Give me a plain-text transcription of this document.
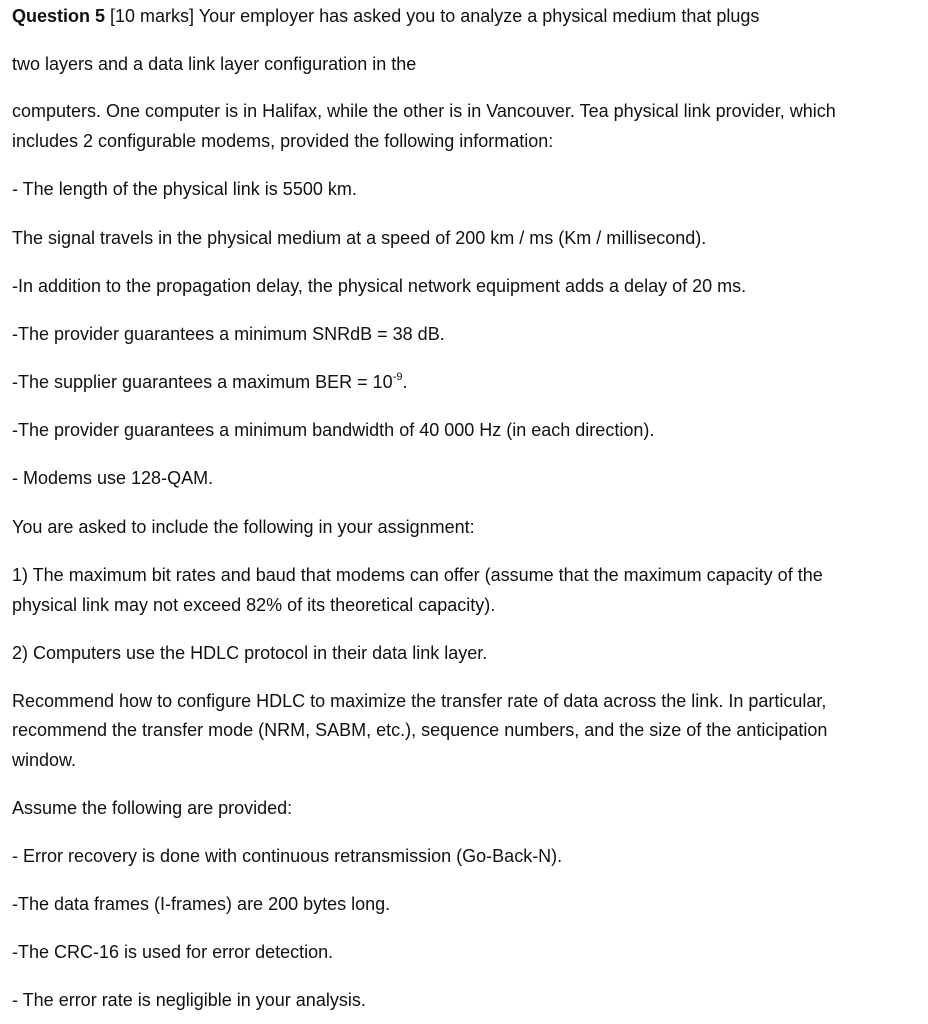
Question 5 [10 marks] Your employer has asked you to analyze a physical medium that plugs
two layers and a data link layer configuration in the
computers. One computer is in Halifax, while the other is in Vancouver. Tea physical link provider, which
includes 2 configurable modems, provided the following information:
- The length of the physical link is 5500 km.
The signal travels in the physical medium at a speed of 200 km / ms (Km / millisecond).
-In addition to the propagation delay, the physical network equipment adds a delay of 20 ms.
-The provider guarantees a minimum SNRdB = 38 dB.
-The supplier guarantees a maximum BER = $10^{-9}$.
-The provider guarantees a minimum bandwidth of 40 000 Hz (in each direction).
- Modems use 128-QAM.
You are asked to include the following in your assignment:
1) The maximum bit rates and baud that modems can offer (assume that the maximum capacity of the
physical link may not exceed 82% of its theoretical capacity).
2) Computers use the HDLC protocol in their data link layer.
Recommend how to configure HDLC to maximize the transfer rate of data across the link. In particular,
recommend the transfer mode (NRM, SABM, etc.), sequence numbers, and the size of the anticipation
window.
Assume the following are provided:
- Error recovery is done with continuous retransmission (Go-Back-N).
-The data frames (I-frames) are 200 bytes long.
-The CRC-16 is used for error detection.
- The error rate is negligible in your analysis.
